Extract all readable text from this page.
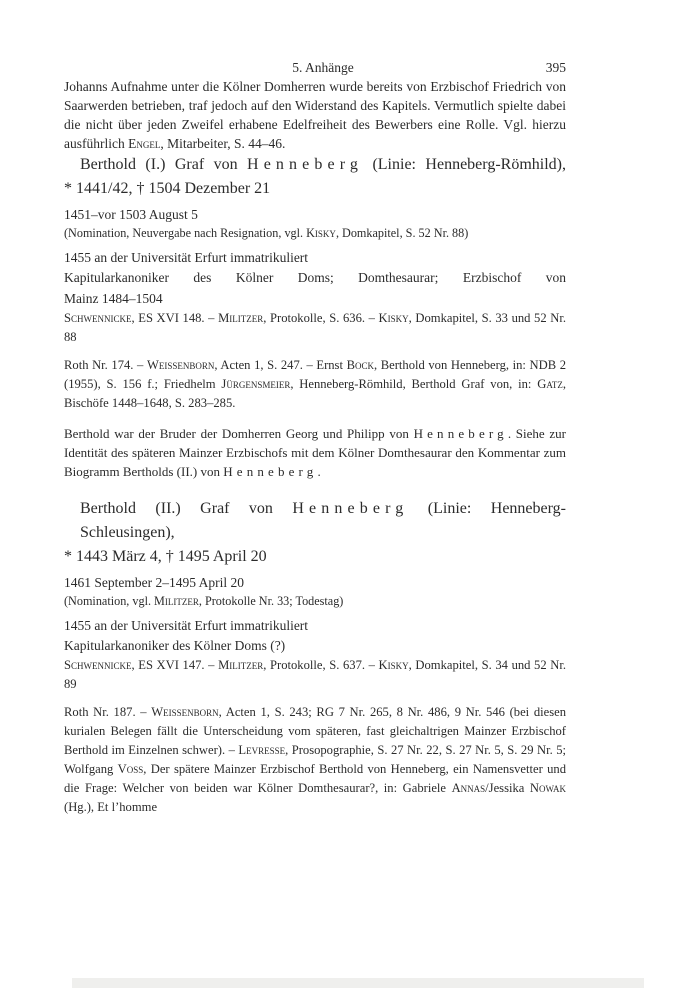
5. Anhänge	395

Johanns Aufnahme unter die Kölner Domherren wurde bereits von Erzbischof Friedrich von Saarwerden betrieben, traf jedoch auf den Widerstand des Kapitels. Vermutlich spielte dabei die nicht über jeden Zweifel erhabene Edelfreiheit des Bewerbers eine Rolle. Vgl. hierzu ausführlich Engel, Mitarbeiter, S. 44–46.

Berthold (I.) Graf von Henneberg (Linie: Henneberg-Römhild),
* 1441/42, † 1504 Dezember 21

1451–vor 1503 August 5

(Nomination, Neuvergabe nach Resignation, vgl. Kisky, Domkapitel, S. 52 Nr. 88)

1455 an der Universität Erfurt immatrikuliert

Kapitularkanoniker des Kölner Doms; Domthesaurar; Erzbischof von
Mainz 1484–1504

Schwennicke, ES XVI 148. – Militzer, Protokolle, S. 636. – Kisky, Domkapitel, S. 33 und 52 Nr. 88

Roth Nr. 174. – Weissenborn, Acten 1, S. 247. – Ernst Bock, Berthold von Henneberg, in: NDB 2 (1955), S. 156 f.; Friedhelm Jürgensmeier, Henneberg-Römhild, Berthold Graf von, in: Gatz, Bischöfe 1448–1648, S. 283–285.

Berthold war der Bruder der Domherren Georg und Philipp von Henneberg. Siehe zur Identität des späteren Mainzer Erzbischofs mit dem Kölner Domthesaurar den Kommentar zum Biogramm Bertholds (II.) von Henneberg.

Berthold (II.) Graf von Henneberg (Linie: Henneberg-Schleusingen),
* 1443 März 4, † 1495 April 20

1461 September 2–1495 April 20

(Nomination, vgl. Militzer, Protokolle Nr. 33; Todestag)

1455 an der Universität Erfurt immatrikuliert

Kapitularkanoniker des Kölner Doms (?)

Schwennicke, ES XVI 147. – Militzer, Protokolle, S. 637. – Kisky, Domkapitel, S. 34 und 52 Nr. 89

Roth Nr. 187. – Weissenborn, Acten 1, S. 243; RG 7 Nr. 265, 8 Nr. 486, 9 Nr. 546 (bei diesen kurialen Belegen fällt die Unterscheidung vom späteren, fast gleichaltrigen Mainzer Erzbischof Berthold im Einzelnen schwer). – Levresse, Prosopographie, S. 27 Nr. 22, S. 27 Nr. 5, S. 29 Nr. 5; Wolfgang Voss, Der spätere Mainzer Erzbischof Berthold von Henneberg, ein Namensvetter und die Frage: Welcher von beiden war Kölner Domthesaurar?, in: Gabriele Annas/Jessika Nowak (Hg.), Et l’homme
